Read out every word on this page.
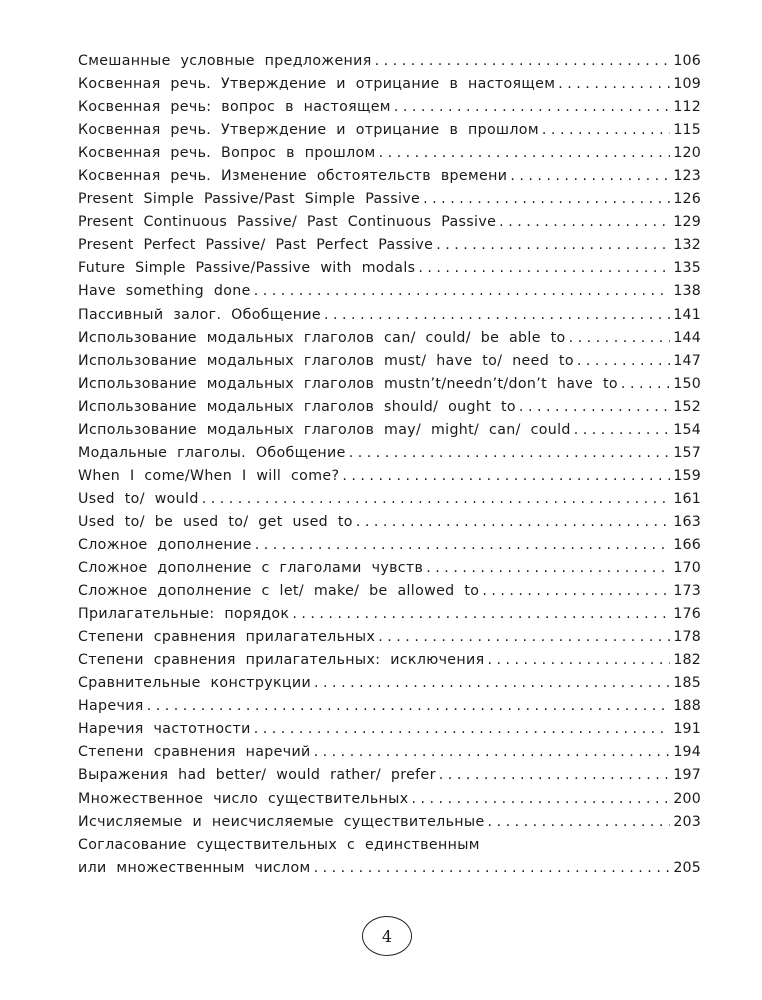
Смешанные условные предложения . . .	106
Косвенная речь. Утверждение и отрицание в настоящем . . .	109
Косвенная речь: вопрос в настоящем . . .	112
Косвенная речь. Утверждение и отрицание в прошлом . . .	115
Косвенная речь. Вопрос в прошлом . . .	120
Косвенная речь. Изменение обстоятельств времени . . .	123
Present Simple Passive/Past Simple Passive . . .	126
Present Continuous Passive/ Past Continuous Passive . . .	129
Present Perfect Passive/ Past Perfect Passive . . .	132
Future Simple Passive/Passive with modals . . .	135
Have something done . . .	138
Пассивный залог. Обобщение . . .	141
Использование модальных глаголов can/ could/ be able to . . .	144
Использование модальных глаголов must/ have to/ need to . . .	147
Использование модальных глаголов mustn’t/needn’t/don’t have to . . .	150
Использование модальных глаголов should/ ought to . . .	152
Использование модальных глаголов may/ might/ can/ could . . .	154
Модальные глаголы. Обобщение . . .	157
When I come/When I will come? . . .	159
Used to/ would . . .	161
Used to/ be used to/ get used to . . .	163
Сложное дополнение . . .	166
Сложное дополнение с глаголами чувств . . .	170
Сложное дополнение с let/ make/ be allowed to . . .	173
Прилагательные: порядок . . .	176
Степени сравнения прилагательных . . .	178
Степени сравнения прилагательных: исключения . . .	182
Сравнительные конструкции . . .	185
Наречия . . .	188
Наречия частотности . . .	191
Степени сравнения наречий . . .	194
Выражения had better/ would rather/ prefer . . .	197
Множественное число существительных . . .	200
Исчисляемые и неисчисляемые существительные . . .	203
Согласование существительных с единственным
или множественным числом . . .	205
4
